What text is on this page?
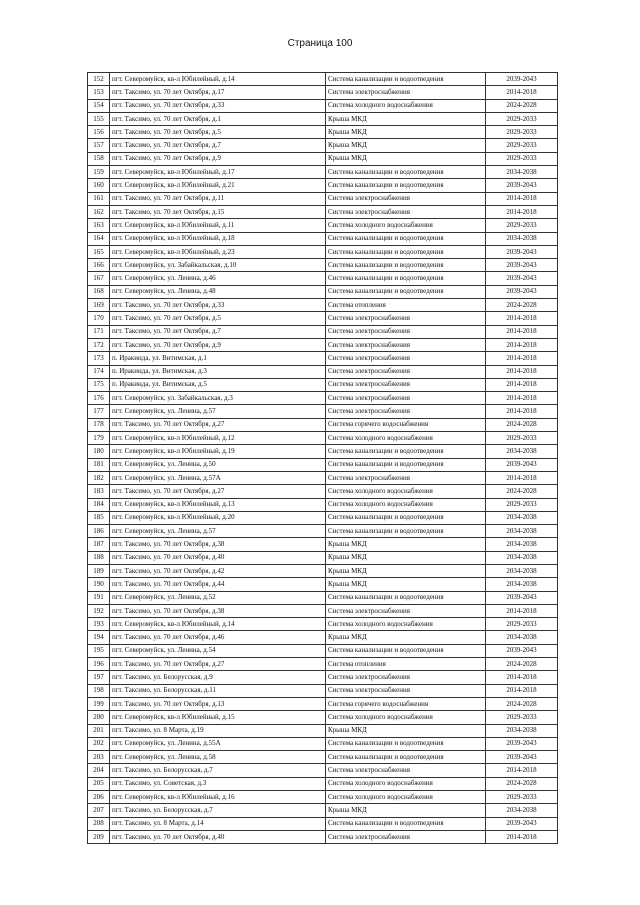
Страница 100
152	пгт. Северомуйск, кв-л Юбилейный, д.14	Система канализации и водоотведения	2039-2043
153	пгт. Таксимо, ул. 70 лет Октября, д.17	Система электроснабжения	2014-2018
154	пгт. Таксимо, ул. 70 лет Октября, д.33	Система холодного водоснабжения	2024-2028
155	пгт. Таксимо, ул. 70 лет Октября, д.1	Крыша МКД	2029-2033
156	пгт. Таксимо, ул. 70 лет Октября, д.5	Крыша МКД	2029-2033
157	пгт. Таксимо, ул. 70 лет Октября, д.7	Крыша МКД	2029-2033
158	пгт. Таксимо, ул. 70 лет Октября, д.9	Крыша МКД	2029-2033
159	пгт. Северомуйск, кв-л Юбилейный, д.17	Система канализации и водоотведения	2034-2038
160	пгт. Северомуйск, кв-л Юбилейный, д.21	Система канализации и водоотведения	2039-2043
161	пгт. Таксимо, ул. 70 лет Октября, д.11	Система электроснабжения	2014-2018
162	пгт. Таксимо, ул. 70 лет Октября, д.15	Система электроснабжения	2014-2018
163	пгт. Северомуйск, кв-л Юбилейный, д.11	Система холодного водоснабжения	2029-2033
164	пгт. Северомуйск, кв-л Юбилейный, д.18	Система канализации и водоотведения	2034-2038
165	пгт. Северомуйск, кв-л Юбилейный, д.23	Система канализации и водоотведения	2039-2043
166	пгт. Северомуйск, ул. Забайкальская, д.10	Система канализации и водоотведения	2039-2043
167	пгт. Северомуйск, ул. Ленина, д.46	Система канализации и водоотведения	2039-2043
168	пгт. Северомуйск, ул. Ленина, д.48	Система канализации и водоотведения	2039-2043
169	пгт. Таксимо, ул. 70 лет Октября, д.33	Система отопления	2024-2028
170	пгт. Таксимо, ул. 70 лет Октября, д.5	Система электроснабжения	2014-2018
171	пгт. Таксимо, ул. 70 лет Октября, д.7	Система электроснабжения	2014-2018
172	пгт. Таксимо, ул. 70 лет Октября, д.9	Система электроснабжения	2014-2018
173	п. Иракинда, ул. Витимская, д.1	Система электроснабжения	2014-2018
174	п. Иракинда, ул. Витимская, д.3	Система электроснабжения	2014-2018
175	п. Иракинда, ул. Витимская, д.5	Система электроснабжения	2014-2018
176	пгт. Северомуйск, ул. Забайкальская, д.3	Система электроснабжения	2014-2018
177	пгт. Северомуйск, ул. Ленина, д.57	Система электроснабжения	2014-2018
178	пгт. Таксимо, ул. 70 лет Октября, д.27	Система горячего водоснабжения	2024-2028
179	пгт. Северомуйск, кв-л Юбилейный, д.12	Система холодного водоснабжения	2029-2033
180	пгт. Северомуйск, кв-л Юбилейный, д.19	Система канализации и водоотведения	2034-2038
181	пгт. Северомуйск, ул. Ленина, д.50	Система канализации и водоотведения	2039-2043
182	пгт. Северомуйск, ул. Ленина, д.57А	Система электроснабжения	2014-2018
183	пгт. Таксимо, ул. 70 лет Октября, д.27	Система холодного водоснабжения	2024-2028
184	пгт. Северомуйск, кв-л Юбилейный, д.13	Система холодного водоснабжения	2029-2033
185	пгт. Северомуйск, кв-л Юбилейный, д.20	Система канализации и водоотведения	2034-2038
186	пгт. Северомуйск, ул. Ленина, д.57	Система канализации и водоотведения	2034-2038
187	пгт. Таксимо, ул. 70 лет Октября, д.38	Крыша МКД	2034-2038
188	пгт. Таксимо, ул. 70 лет Октября, д.40	Крыша МКД	2034-2038
189	пгт. Таксимо, ул. 70 лет Октября, д.42	Крыша МКД	2034-2038
190	пгт. Таксимо, ул. 70 лет Октября, д.44	Крыша МКД	2034-2038
191	пгт. Северомуйск, ул. Ленина, д.52	Система канализации и водоотведения	2039-2043
192	пгт. Таксимо, ул. 70 лет Октября, д.38	Система электроснабжения	2014-2018
193	пгт. Северомуйск, кв-л Юбилейный, д.14	Система холодного водоснабжения	2029-2033
194	пгт. Таксимо, ул. 70 лет Октября, д.46	Крыша МКД	2034-2038
195	пгт. Северомуйск, ул. Ленина, д.54	Система канализации и водоотведения	2039-2043
196	пгт. Таксимо, ул. 70 лет Октября, д.27	Система отопления	2024-2028
197	пгт. Таксимо, ул. Белорусская, д.9	Система электроснабжения	2014-2018
198	пгт. Таксимо, ул. Белорусская, д.11	Система электроснабжения	2014-2018
199	пгт. Таксимо, ул. 70 лет Октября, д.13	Система горячего водоснабжения	2024-2028
200	пгт. Северомуйск, кв-л Юбилейный, д.15	Система холодного водоснабжения	2029-2033
201	пгт. Таксимо, ул. 8 Марта, д.19	Крыша МКД	2034-2038
202	пгт. Северомуйск, ул. Ленина, д.55А	Система канализации и водоотведения	2039-2043
203	пгт. Северомуйск, ул. Ленина, д.58	Система канализации и водоотведения	2039-2043
204	пгт. Таксимо, ул. Белорусская, д.7	Система электроснабжения	2014-2018
205	пгт. Таксимо, ул. Советская, д.3	Система холодного водоснабжения	2024-2028
206	пгт. Северомуйск, кв-л Юбилейный, д.16	Система холодного водоснабжения	2029-2033
207	пгт. Таксимо, ул. Белорусская, д.7	Крыша МКД	2034-2038
208	пгт. Таксимо, ул. 8 Марта, д.14	Система канализации и водоотведения	2039-2043
209	пгт. Таксимо, ул. 70 лет Октября, д.40	Система электроснабжения	2014-2018
